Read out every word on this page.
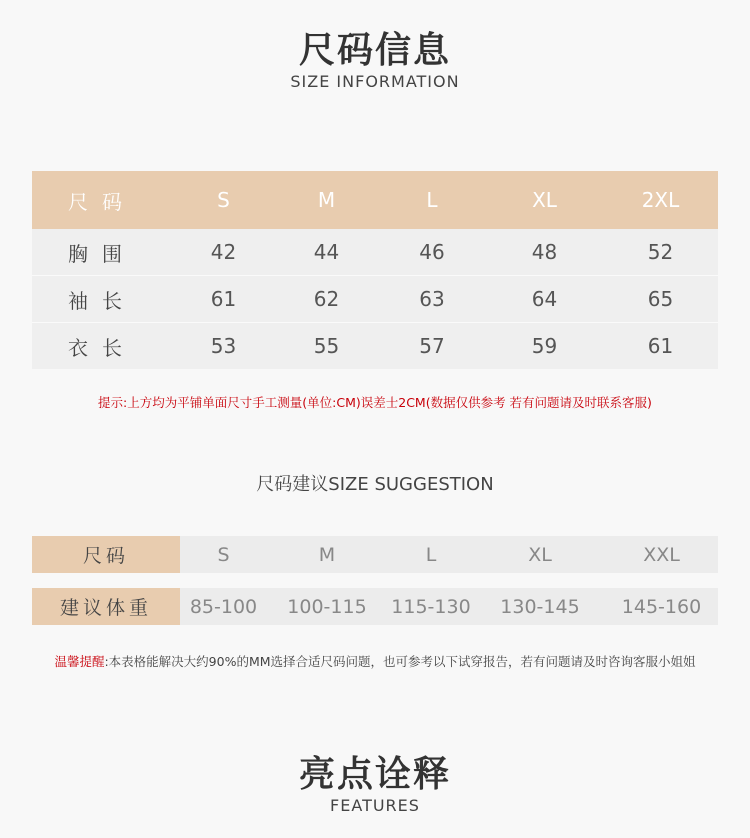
尺码信息
SIZE INFORMATION
尺码	S	M	L	XL	2XL
胸围	42	44	46	48	52
袖长	61	62	63	64	65
衣长	53	55	57	59	61
提示:上方均为平铺单面尺寸手工测量(单位:CM)误差士2CM(数据仅供参考 若有问题请及时联系客服)
尺码建议SIZE SUGGESTION
尺码	S	M	L	XL	XXL
建议体重	85-100	100-115	115-130	130-145	145-160
温馨提醒:本表格能解决大约90%的MM选择合适尺码问题，也可参考以下试穿报告，若有问题请及时咨询客服小姐姐
亮点诠释
FEATURES
